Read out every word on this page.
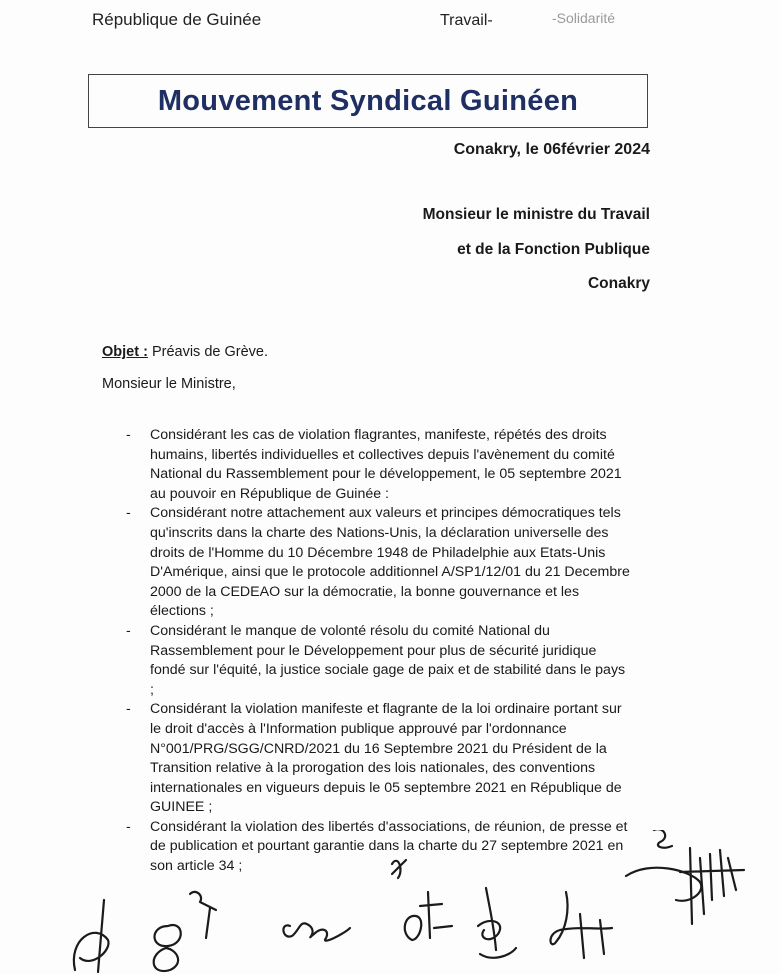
République de Guinée	Travail-	-Solidarité
Mouvement Syndical Guinéen
Conakry, le 06février 2024
Monsieur le ministre du Travail
et de la Fonction Publique
Conakry
Objet : Préavis de Grève.
Monsieur le Ministre,
- Considérant les cas de violation flagrantes, manifeste, répétés des droits humains, libertés individuelles et collectives depuis l'avènement du comité National du Rassemblement pour le développement, le 05 septembre 2021 au pouvoir en République de Guinée :
- Considérant notre attachement aux valeurs et principes démocratiques tels qu'inscrits dans la charte des Nations-Unis, la déclaration universelle des droits de l'Homme du 10 Décembre 1948 de Philadelphie aux Etats-Unis D'Amérique, ainsi que le protocole additionnel A/SP1/12/01 du 21 Decembre 2000 de la CEDEAO sur la démocratie, la bonne gouvernance et les élections ;
- Considérant le manque de volonté résolu du comité National du Rassemblement pour le Développement pour plus de sécurité juridique fondé sur l'équité, la justice sociale gage de paix et de stabilité dans le pays ;
- Considérant la violation manifeste et flagrante de la loi ordinaire portant sur le droit d'accès à l'Information publique approuvé par l'ordonnance N°001/PRG/SGG/CNRD/2021 du 16 Septembre 2021 du Président de la Transition relative à la prorogation des lois nationales, des conventions internationales en vigueurs depuis le 05 septembre 2021 en République de GUINEE ;
- Considérant la violation des libertés d'associations, de réunion, de presse et de publication et pourtant garantie dans la charte du 27 septembre 2021 en son article 34 ;
